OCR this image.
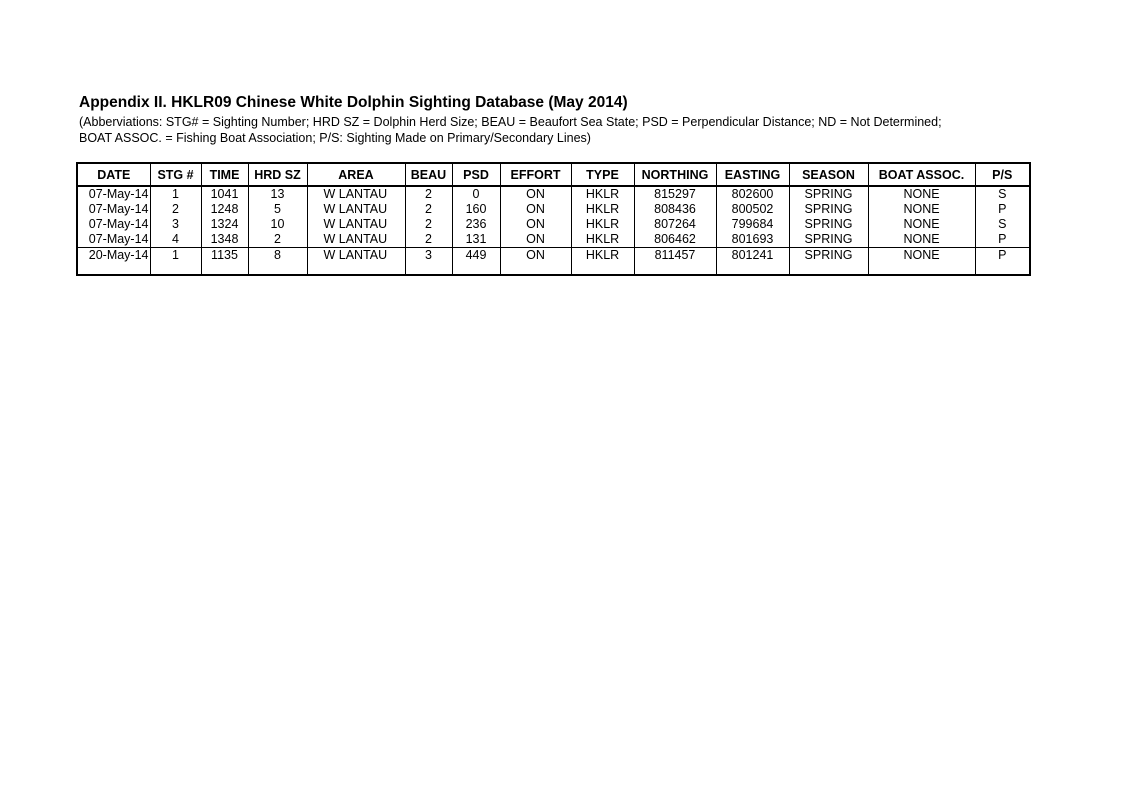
Appendix II. HKLR09 Chinese White Dolphin Sighting Database (May 2014)
(Abberviations: STG# = Sighting Number; HRD SZ = Dolphin Herd Size; BEAU = Beaufort Sea State; PSD = Perpendicular Distance; ND = Not Determined;
BOAT ASSOC. = Fishing Boat Association; P/S: Sighting Made on Primary/Secondary Lines)
DATE	STG #	TIME	HRD SZ	AREA	BEAU	PSD	EFFORT	TYPE	NORTHING	EASTING	SEASON	BOAT ASSOC.	P/S
07-May-14	1	1041	13	W LANTAU	2	0	ON	HKLR	815297	802600	SPRING	NONE	S
07-May-14	2	1248	5	W LANTAU	2	160	ON	HKLR	808436	800502	SPRING	NONE	P
07-May-14	3	1324	10	W LANTAU	2	236	ON	HKLR	807264	799684	SPRING	NONE	S
07-May-14	4	1348	2	W LANTAU	2	131	ON	HKLR	806462	801693	SPRING	NONE	P
20-May-14	1	1135	8	W LANTAU	3	449	ON	HKLR	811457	801241	SPRING	NONE	P
